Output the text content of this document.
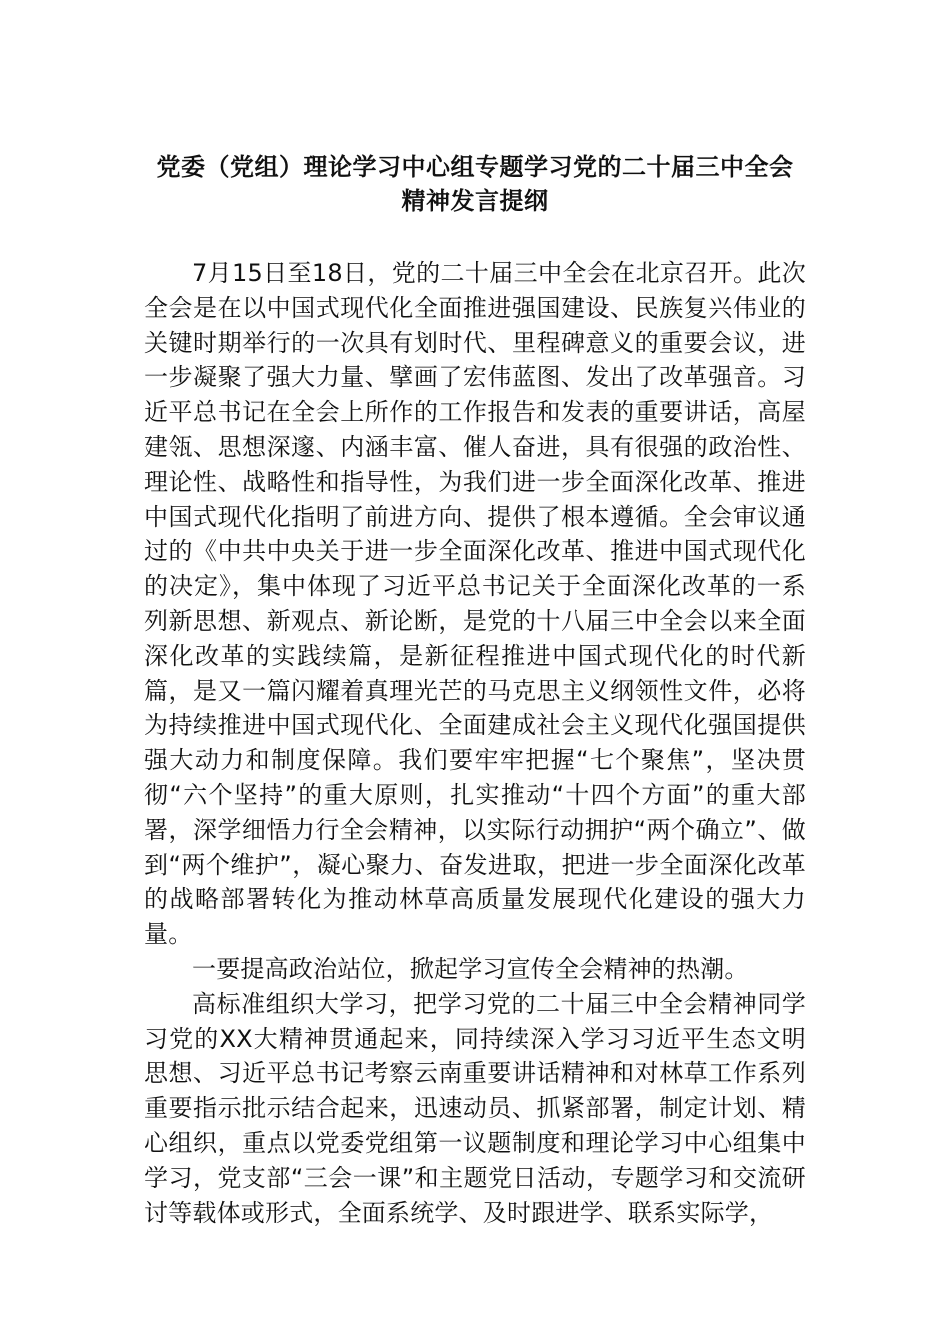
党委（党组）理论学习中心组专题学习党的二十届三中全会精神发言提纲

7月15日至18日，党的二十届三中全会在北京召开。此次全会是在以中国式现代化全面推进强国建设、民族复兴伟业的关键时期举行的一次具有划时代、里程碑意义的重要会议，进一步凝聚了强大力量、擘画了宏伟蓝图、发出了改革强音。习近平总书记在全会上所作的工作报告和发表的重要讲话，高屋建瓴、思想深邃、内涵丰富、催人奋进，具有很强的政治性、理论性、战略性和指导性，为我们进一步全面深化改革、推进中国式现代化指明了前进方向、提供了根本遵循。全会审议通过的《中共中央关于进一步全面深化改革、推进中国式现代化的决定》，集中体现了习近平总书记关于全面深化改革的一系列新思想、新观点、新论断，是党的十八届三中全会以来全面深化改革的实践续篇，是新征程推进中国式现代化的时代新篇，是又一篇闪耀着真理光芒的马克思主义纲领性文件，必将为持续推进中国式现代化、全面建成社会主义现代化强国提供强大动力和制度保障。我们要牢牢把握“七个聚焦”，坚决贯彻“六个坚持”的重大原则，扎实推动“十四个方面”的重大部署，深学细悟力行全会精神，以实际行动拥护“两个确立”、做到“两个维护”，凝心聚力、奋发进取，把进一步全面深化改革的战略部署转化为推动林草高质量发展现代化建设的强大力量。

一要提高政治站位，掀起学习宣传全会精神的热潮。

高标准组织大学习，把学习党的二十届三中全会精神同学习党的XX大精神贯通起来，同持续深入学习习近平生态文明思想、习近平总书记考察云南重要讲话精神和对林草工作系列重要指示批示结合起来，迅速动员、抓紧部署，制定计划、精心组织，重点以党委党组第一议题制度和理论学习中心组集中学习，党支部“三会一课”和主题党日活动，专题学习和交流研讨等载体或形式，全面系统学、及时跟进学、联系实际学，
